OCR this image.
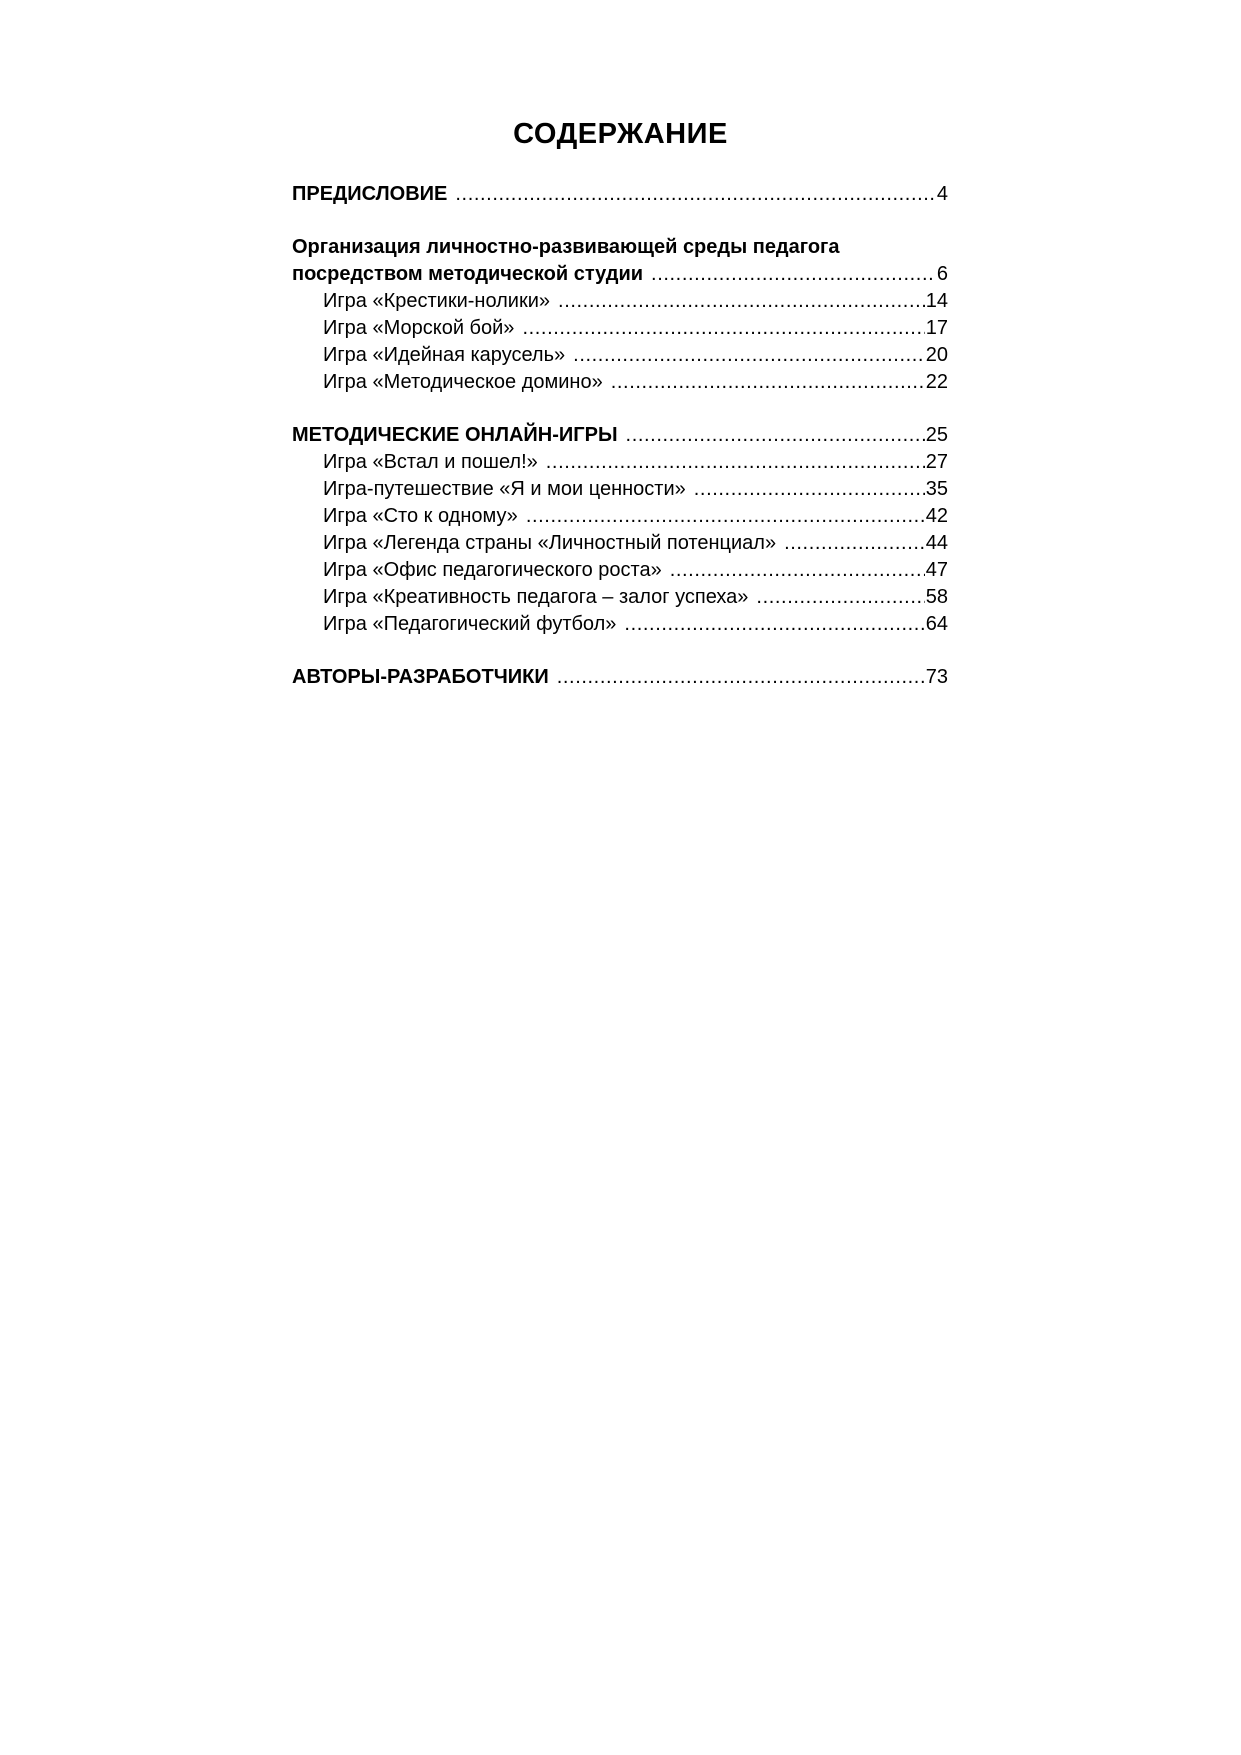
СОДЕРЖАНИЕ
ПРЕДИСЛОВИЕ .....	4
Организация личностно-развивающей среды педагога
посредством методической студии .....	6
Игра «Крестики-нолики» .....	14
Игра «Морской бой» .....	17
Игра «Идейная карусель» .....	20
Игра «Методическое домино» .....	22
МЕТОДИЧЕСКИЕ ОНЛАЙН-ИГРЫ .....	25
Игра «Встал и пошел!» .....	27
Игра-путешествие «Я и мои ценности» .....	35
Игра «Сто к одному» .....	42
Игра «Легенда страны «Личностный потенциал» .....	44
Игра «Офис педагогического роста» .....	47
Игра «Креативность педагога – залог успеха» .....	58
Игра «Педагогический футбол» .....	64
АВТОРЫ-РАЗРАБОТЧИКИ .....	73
